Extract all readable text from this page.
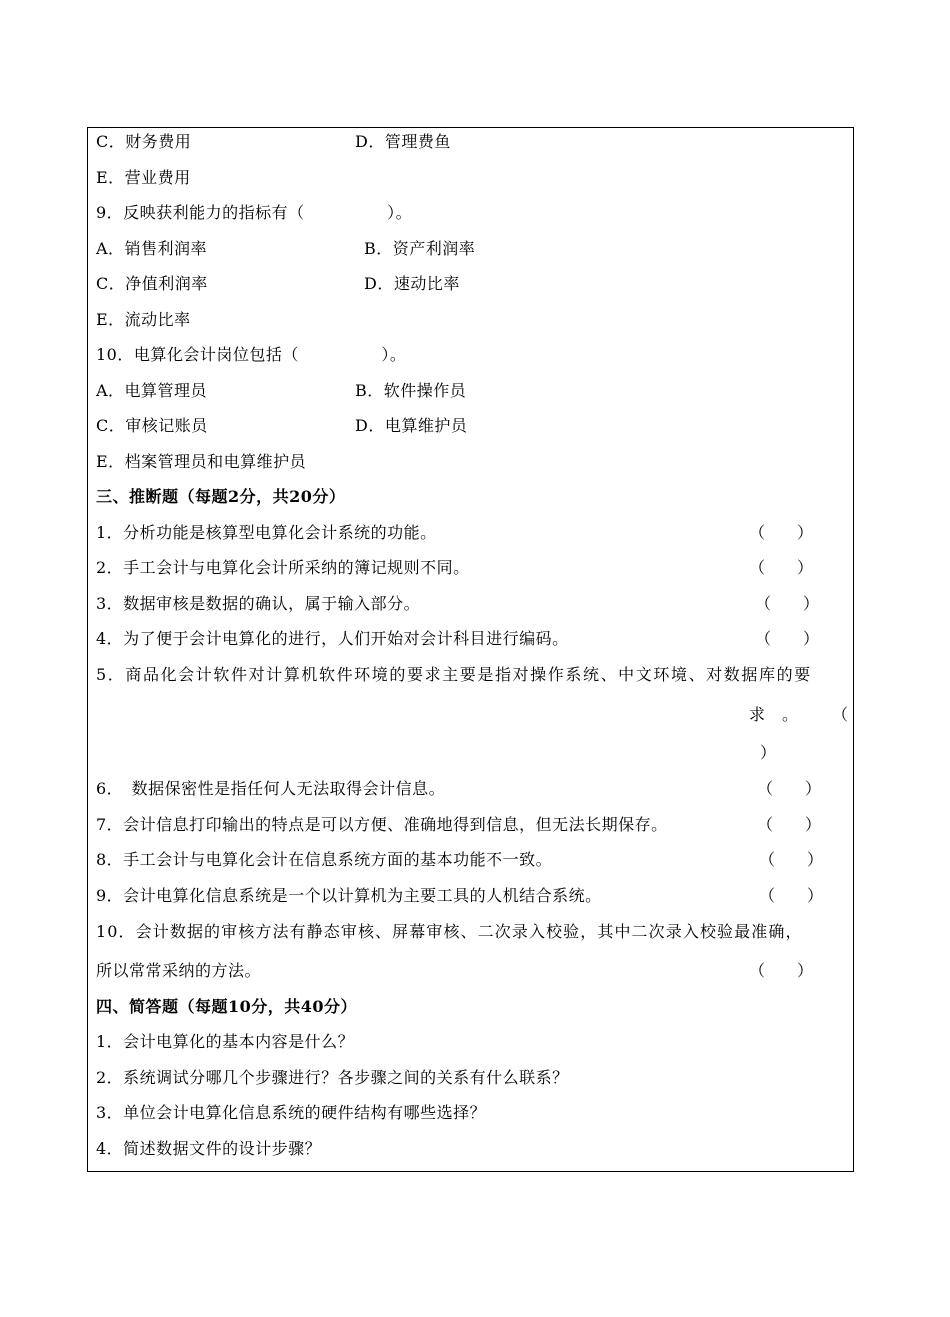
C．财务费用	D．管理费鱼
E．营业费用
9．反映获利能力的指标有（　　　　　）。
A．销售利润率	B．资产利润率
C．净值利润率	D．速动比率
E．流动比率
10．电算化会计岗位包括（　　　　　）。
A．电算管理员	B．软件操作员
C．审核记账员	D．电算维护员
E．档案管理员和电算维护员
三、推断题（每题2分，共20分）
1．分析功能是核算型电算化会计系统的功能。	（　　）
2．手工会计与电算化会计所采纳的簿记规则不同。	（　　）
3．数据审核是数据的确认，属于输入部分。	（　　）
4．为了便于会计电算化的进行，人们开始对会计科目进行编码。	（　　）
5．商品化会计软件对计算机软件环境的要求主要是指对操作系统、中文环境、对数据库的要
求　。 （
）
6．　数据保密性是指任何人无法取得会计信息。	（　　）
7．会计信息打印输出的特点是可以方便、准确地得到信息，但无法长期保存。	（　　）
8．手工会计与电算化会计在信息系统方面的基本功能不一致。	（　　）
9．会计电算化信息系统是一个以计算机为主要工具的人机结合系统。	（　　）
10．会计数据的审核方法有静态审核、屏幕审核、二次录入校验，其中二次录入校验最准确，
所以常常采纳的方法。	（　　）
四、简答题（每题10分，共40分）
1．会计电算化的基本内容是什么？
2．系统调试分哪几个步骤进行？各步骤之间的关系有什么联系？
3．单位会计电算化信息系统的硬件结构有哪些选择？
4．简述数据文件的设计步骤？
